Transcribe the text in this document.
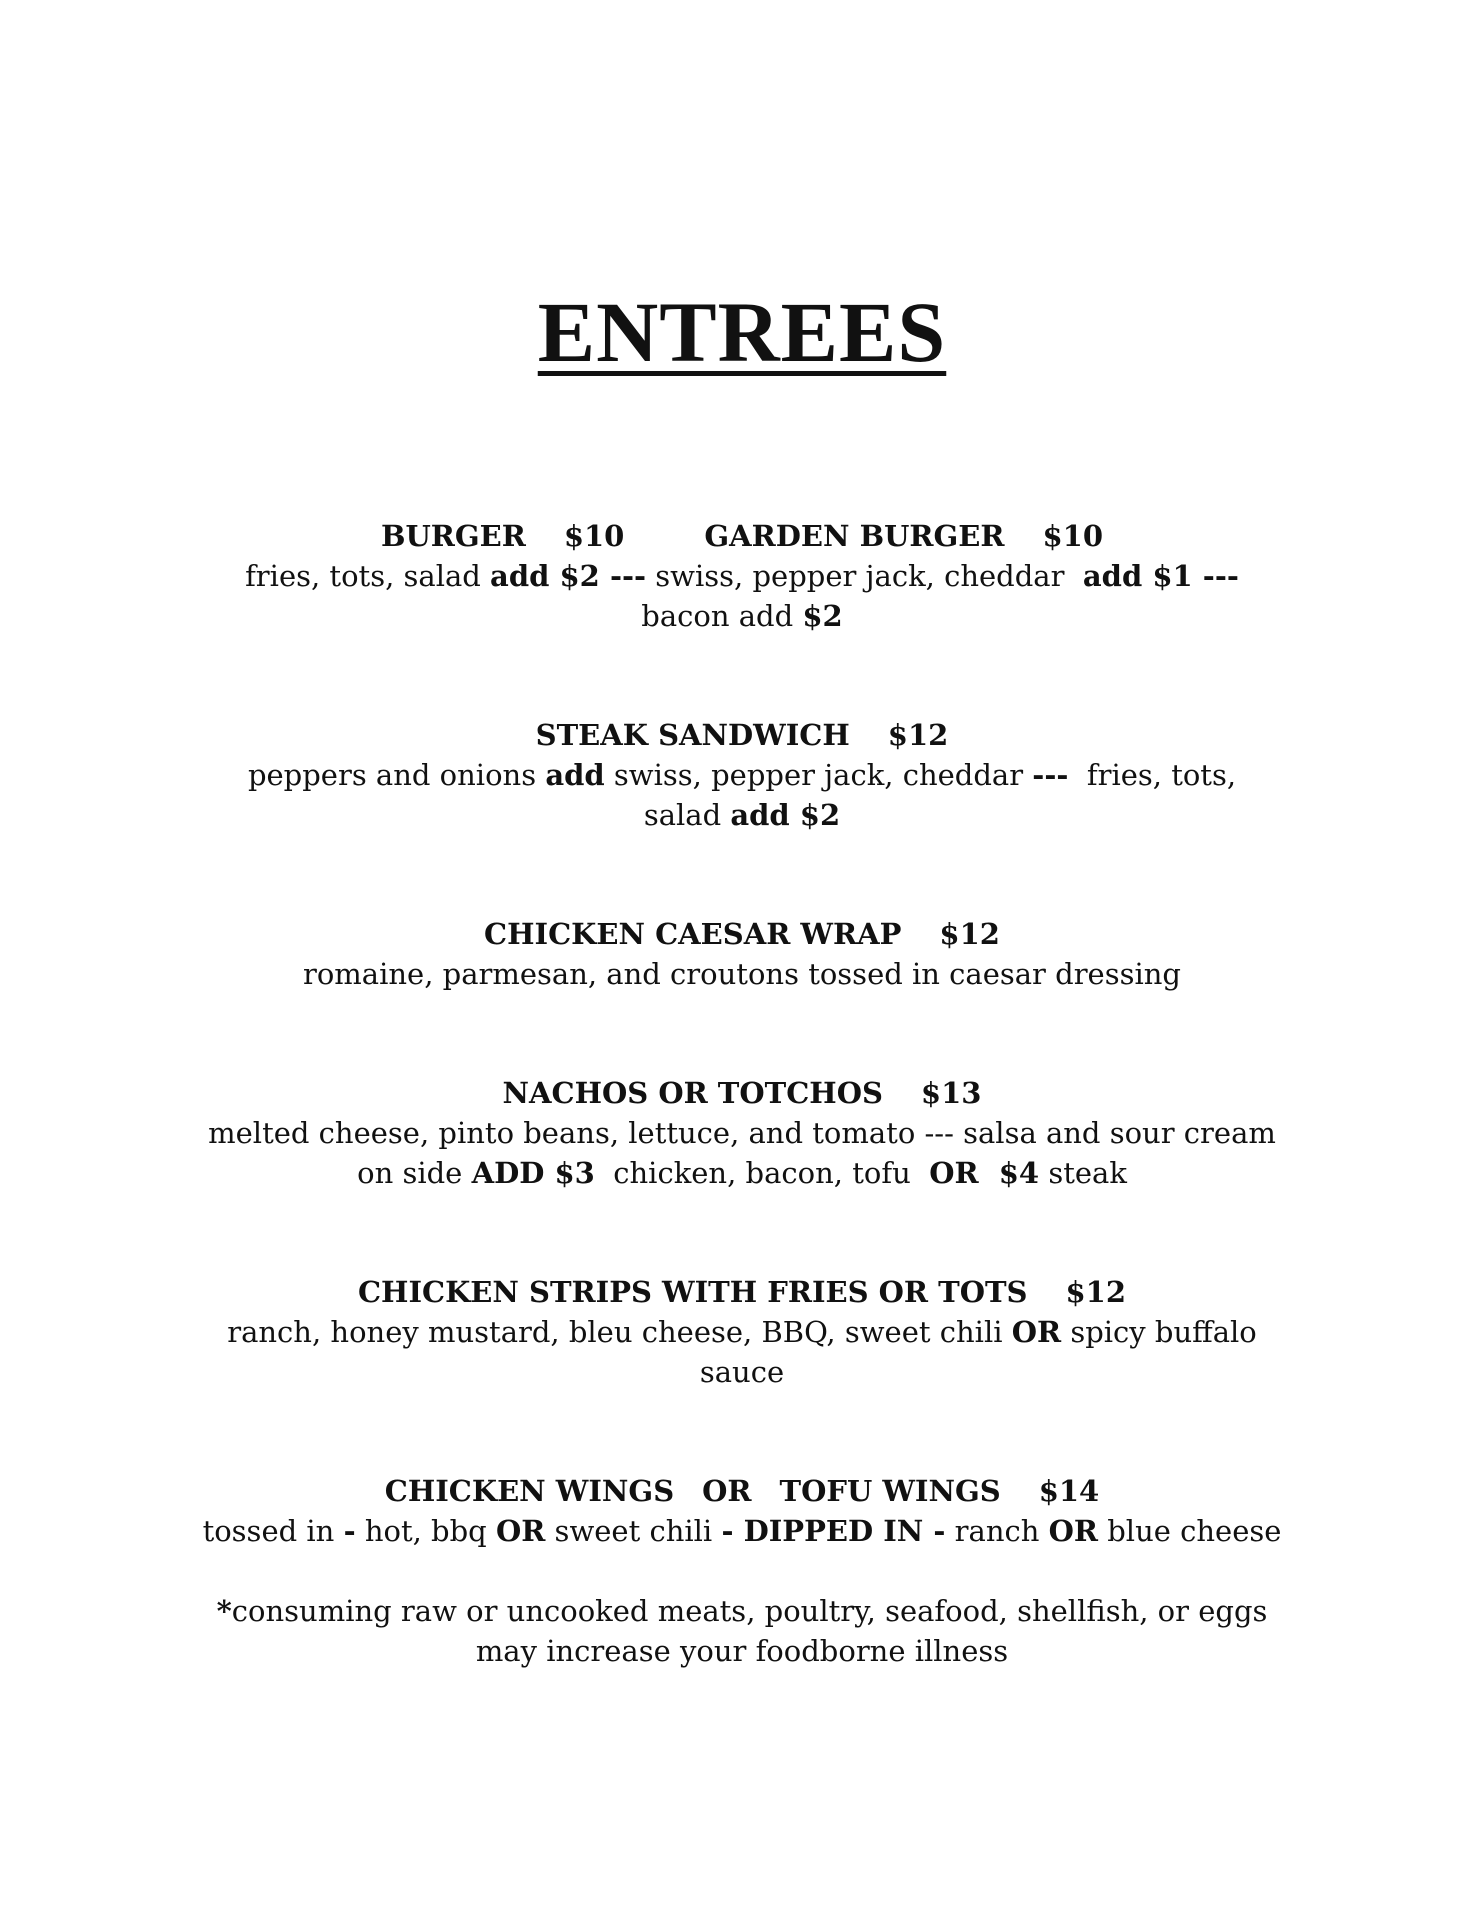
ENTREES
BURGER $10	GARDEN BURGER $10
fries, tots, salad add $2 --- swiss, pepper jack, cheddar  add $1 ---
bacon add $2
STEAK SANDWICH $12
peppers and onions add swiss, pepper jack, cheddar ---  fries, tots,
salad add $2
CHICKEN CAESAR WRAP $12
romaine, parmesan, and croutons tossed in caesar dressing
NACHOS OR TOTCHOS $13
melted cheese, pinto beans, lettuce, and tomato --- salsa and sour cream
on side ADD $3  chicken, bacon, tofu  OR  $4 steak
CHICKEN STRIPS WITH FRIES OR TOTS $12
ranch, honey mustard, bleu cheese, BBQ, sweet chili OR spicy buffalo
sauce
CHICKEN WINGS OR TOFU WINGS $14
tossed in - hot, bbq OR sweet chili - DIPPED IN - ranch OR blue cheese
*consuming raw or uncooked meats, poultry, seafood, shellfish, or eggs
may increase your foodborne illness
